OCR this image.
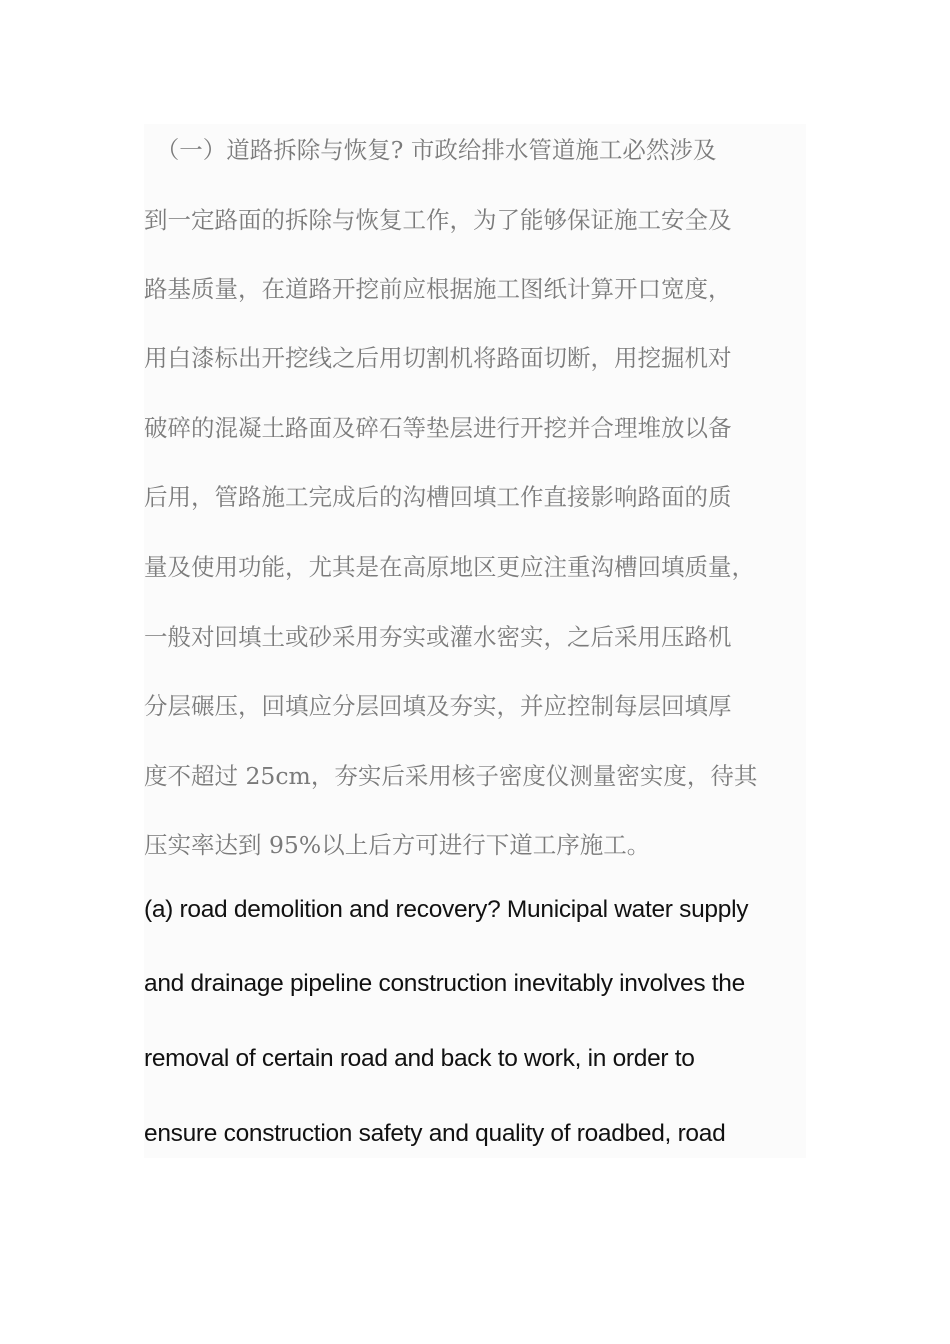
　（一）道路拆除与恢复? 市政给排水管道施工必然涉及
到一定路面的拆除与恢复工作，为了能够保证施工安全及
路基质量，在道路开挖前应根据施工图纸计算开口宽度，
用白漆标出开挖线之后用切割机将路面切断，用挖掘机对
破碎的混凝土路面及碎石等垫层进行开挖并合理堆放以备
后用，管路施工完成后的沟槽回填工作直接影响路面的质
量及使用功能，尤其是在高原地区更应注重沟槽回填质量，
一般对回填土或砂采用夯实或灌水密实，之后采用压路机
分层碾压，回填应分层回填及夯实，并应控制每层回填厚
度不超过 25cm，夯实后采用核子密度仪测量密实度，待其
压实率达到 95%以上后方可进行下道工序施工。
(a) road demolition and recovery? Municipal water supply
and drainage pipeline construction inevitably involves the
removal of certain road and back to work, in order to
ensure construction safety and quality of roadbed, road
